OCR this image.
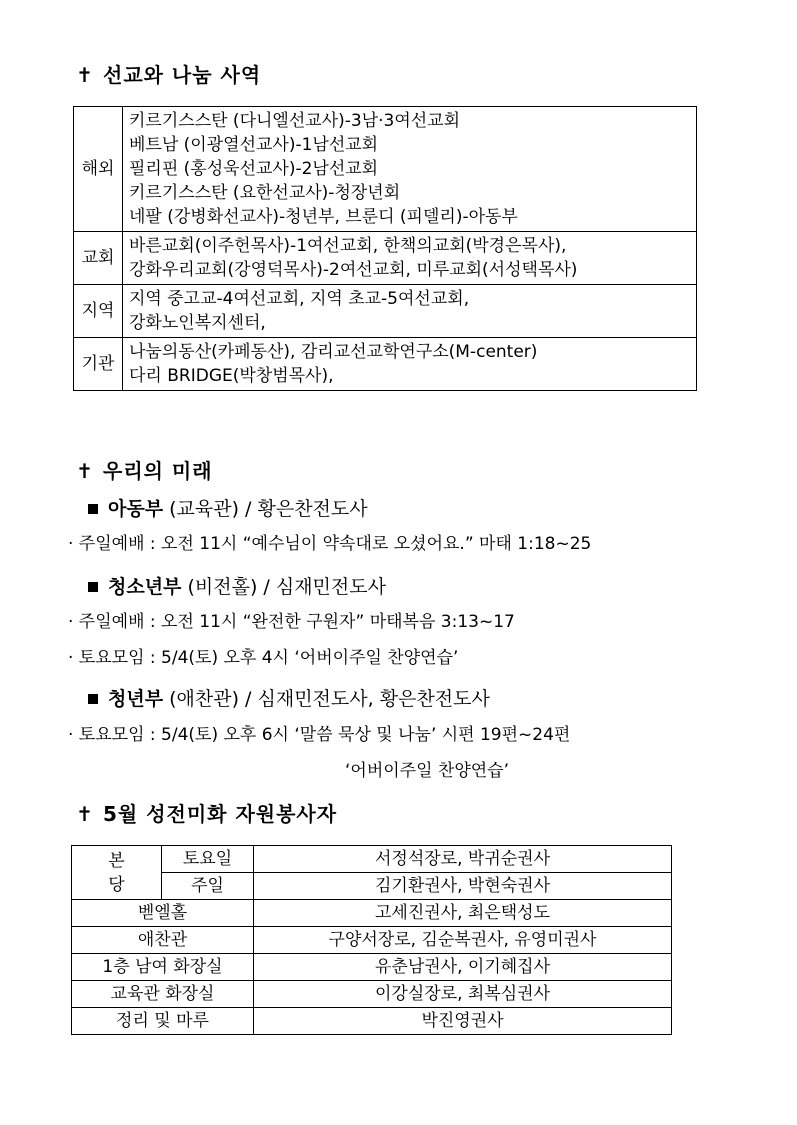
✝ 선교와 나눔 사역
해외	키르기스스탄 (다니엘선교사)-3남·3여선교회
베트남 (이광열선교사)-1남선교회
필리핀 (홍성욱선교사)-2남선교회
키르기스스탄 (요한선교사)-청장년회
네팔 (강병화선교사)-청년부, 브룬디 (피델리)-아동부

교회	바른교회(이주헌목사)-1여선교회, 한책의교회(박경은목사),
강화우리교회(강영덕목사)-2여선교회, 미루교회(서성택목사)

지역	지역 중고교-4여선교회, 지역 초교-5여선교회,
강화노인복지센터,

기관	나눔의동산(카페동산), 감리교선교학연구소(M-center)
다리 BRIDGE(박창범목사),
✝ 우리의 미래
아동부 (교육관) / 황은찬전도사
· 주일예배 : 오전 11시 “예수님이 약속대로 오셨어요.” 마태 1:18~25
청소년부 (비전홀) / 심재민전도사
· 주일예배 : 오전 11시 “완전한 구원자” 마태복음 3:13~17
· 토요모임 : 5/4(토) 오후 4시 ‘어버이주일 찬양연습’
청년부 (애찬관) / 심재민전도사, 황은찬전도사
· 토요모임 : 5/4(토) 오후 6시 ‘말씀 묵상 및 나눔’ 시편 19편~24편
‘어버이주일 찬양연습’
✝ 5월 성전미화 자원봉사자
본
당	토요일	서정석장로, 박귀순권사
	주일	김기환권사, 박현숙권사
벧엘홀		고세진권사, 최은택성도
애찬관		구양서장로, 김순복권사, 유영미권사
1층 남여 화장실		유춘남권사, 이기혜집사
교육관 화장실		이강실장로, 최복심권사
정리 및 마루		박진영권사
